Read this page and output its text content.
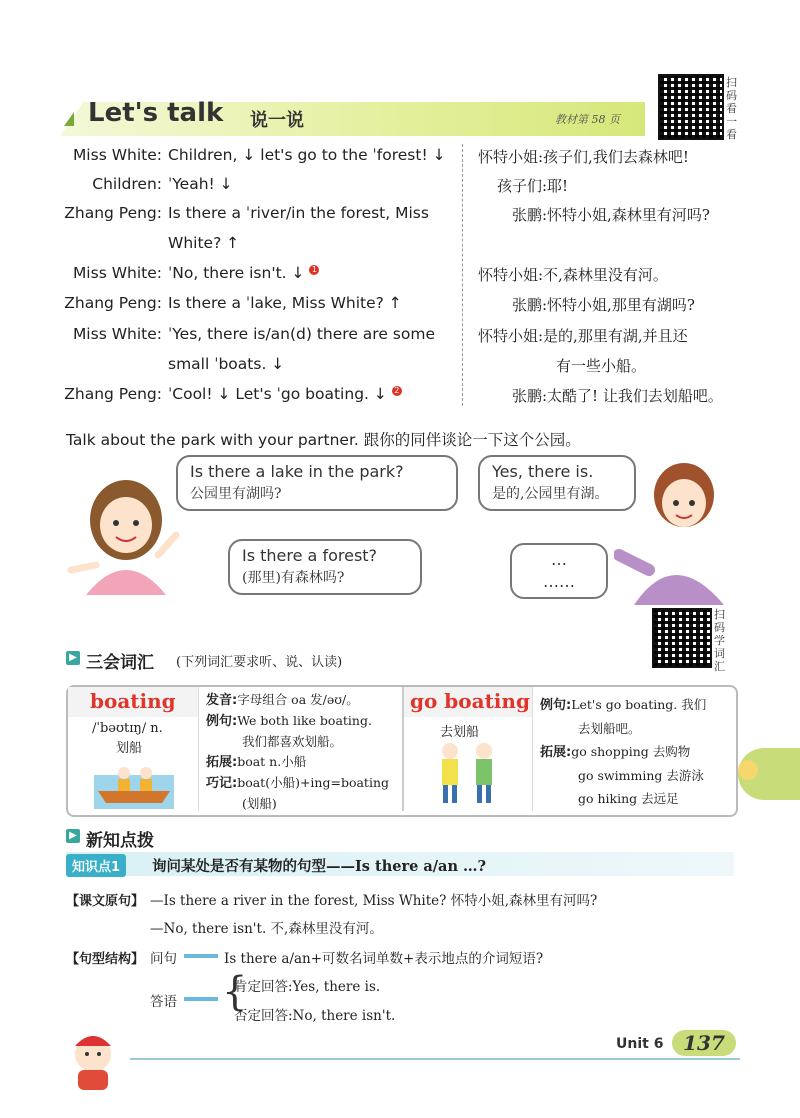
Let's talk 说一说	教材第 58 页
扫码看一看
Miss White: Children, ↓ let's go to the ˈforest! ↓ 怀特小姐:孩子们,我们去森林吧!
Children: ˈYeah! ↓	孩子们:耶!
Zhang Peng: Is there a ˈriver/in the forest, Miss
White? ↑
张鹏:怀特小姐,森林里有河吗?
Miss White: ˈNo, there isn't. ↓ 1	怀特小姐:不,森林里没有河。
Zhang Peng: Is there a ˈlake, Miss White? ↑	张鹏:怀特小姐,那里有湖吗?
Miss White: ˈYes, there is/an(d) there are some
small ˈboats. ↓
怀特小姐:是的,那里有湖,并且还
有一些小船。
Zhang Peng: ˈCool! ↓ Let's ˈgo boating. ↓ 2	张鹏:太酷了! 让我们去划船吧。
Talk about the park with your partner. 跟你的同伴谈论一下这个公园。
Is there a lake in the park?
公园里有湖吗?
Yes, there is.
是的,公园里有湖。
Is there a forest?
(那里)有森林吗?
…
……
扫码学词汇
▶ 三会词汇 (下列词汇要求听、说、认读)
boating
/ˈbəʊtɪŋ/ n.
划船
发音:字母组合 oa 发/əʊ/。
例句:We both like boating.
我们都喜欢划船。
拓展:boat n.小船
巧记:boat(小船)+ing=boating
(划船)
go boating
去划船
例句:Let's go boating. 我们
去划船吧。
拓展:go shopping 去购物
go swimming 去游泳
go hiking 去远足
▶ 新知点拨
知识点1	询问某处是否有某物的句型——Is there a/an …?
【课文原句】 —Is there a river in the forest, Miss White? 怀特小姐,森林里有河吗?
—No, there isn't. 不,森林里没有河。
【句型结构】 问句	Is there a/an+可数名词单数+表示地点的介词短语?
答语 {
肯定回答:Yes, there is.
否定回答:No, there isn't.
Unit 6 137
